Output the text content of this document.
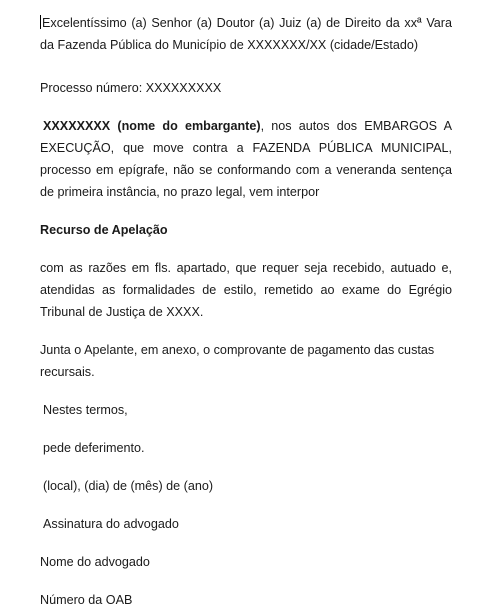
Excelentíssimo (a) Senhor (a) Doutor (a) Juiz (a) de Direito da xxª Vara da Fazenda Pública do Município de XXXXXXX/XX (cidade/Estado)

Processo número: XXXXXXXXX

XXXXXXXX (nome do embargante), nos autos dos EMBARGOS A EXECUÇÃO, que move contra a FAZENDA PÚBLICA MUNICIPAL, processo em epígrafe, não se conformando com a veneranda sentença de primeira instância, no prazo legal, vem interpor

Recurso de Apelação

com as razões em fls. apartado, que requer seja recebido, autuado e, atendidas as formalidades de estilo, remetido ao exame do Egrégio Tribunal de Justiça de XXXX.

Junta o Apelante, em anexo, o comprovante de pagamento das custas recursais.

Nestes termos,

pede deferimento.

(local), (dia) de (mês) de (ano)

Assinatura do advogado

Nome do advogado

Número da OAB
